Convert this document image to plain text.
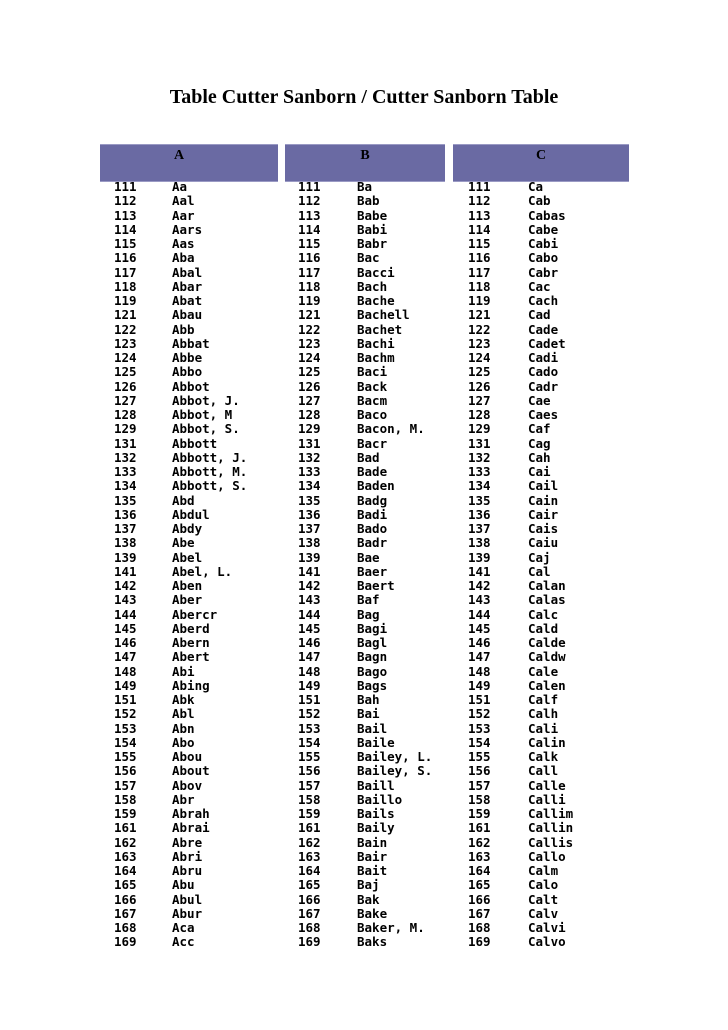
Table Cutter Sanborn / Cutter Sanborn Table
A	B	C
111	Aa	111	Ba	111	Ca
112	Aal	112	Bab	112	Cab
113	Aar	113	Babe	113	Cabas
114	Aars	114	Babi	114	Cabe
115	Aas	115	Babr	115	Cabi
116	Aba	116	Bac	116	Cabo
117	Abal	117	Bacci	117	Cabr
118	Abar	118	Bach	118	Cac
119	Abat	119	Bache	119	Cach
121	Abau	121	Bachell	121	Cad
122	Abb	122	Bachet	122	Cade
123	Abbat	123	Bachi	123	Cadet
124	Abbe	124	Bachm	124	Cadi
125	Abbo	125	Baci	125	Cado
126	Abbot	126	Back	126	Cadr
127	Abbot, J.	127	Bacm	127	Cae
128	Abbot, M	128	Baco	128	Caes
129	Abbot, S.	129	Bacon, M.	129	Caf
131	Abbott	131	Bacr	131	Cag
132	Abbott, J.	132	Bad	132	Cah
133	Abbott, M.	133	Bade	133	Cai
134	Abbott, S.	134	Baden	134	Cail
135	Abd	135	Badg	135	Cain
136	Abdul	136	Badi	136	Cair
137	Abdy	137	Bado	137	Cais
138	Abe	138	Badr	138	Caiu
139	Abel	139	Bae	139	Caj
141	Abel, L.	141	Baer	141	Cal
142	Aben	142	Baert	142	Calan
143	Aber	143	Baf	143	Calas
144	Abercr	144	Bag	144	Calc
145	Aberd	145	Bagi	145	Cald
146	Abern	146	Bagl	146	Calde
147	Abert	147	Bagn	147	Caldw
148	Abi	148	Bago	148	Cale
149	Abing	149	Bags	149	Calen
151	Abk	151	Bah	151	Calf
152	Abl	152	Bai	152	Calh
153	Abn	153	Bail	153	Cali
154	Abo	154	Baile	154	Calin
155	Abou	155	Bailey, L.	155	Calk
156	About	156	Bailey, S.	156	Call
157	Abov	157	Baill	157	Calle
158	Abr	158	Baillo	158	Calli
159	Abrah	159	Bails	159	Callim
161	Abrai	161	Baily	161	Callin
162	Abre	162	Bain	162	Callis
163	Abri	163	Bair	163	Callo
164	Abru	164	Bait	164	Calm
165	Abu	165	Baj	165	Calo
166	Abul	166	Bak	166	Calt
167	Abur	167	Bake	167	Calv
168	Aca	168	Baker, M.	168	Calvi
169	Acc	169	Baks	169	Calvo
